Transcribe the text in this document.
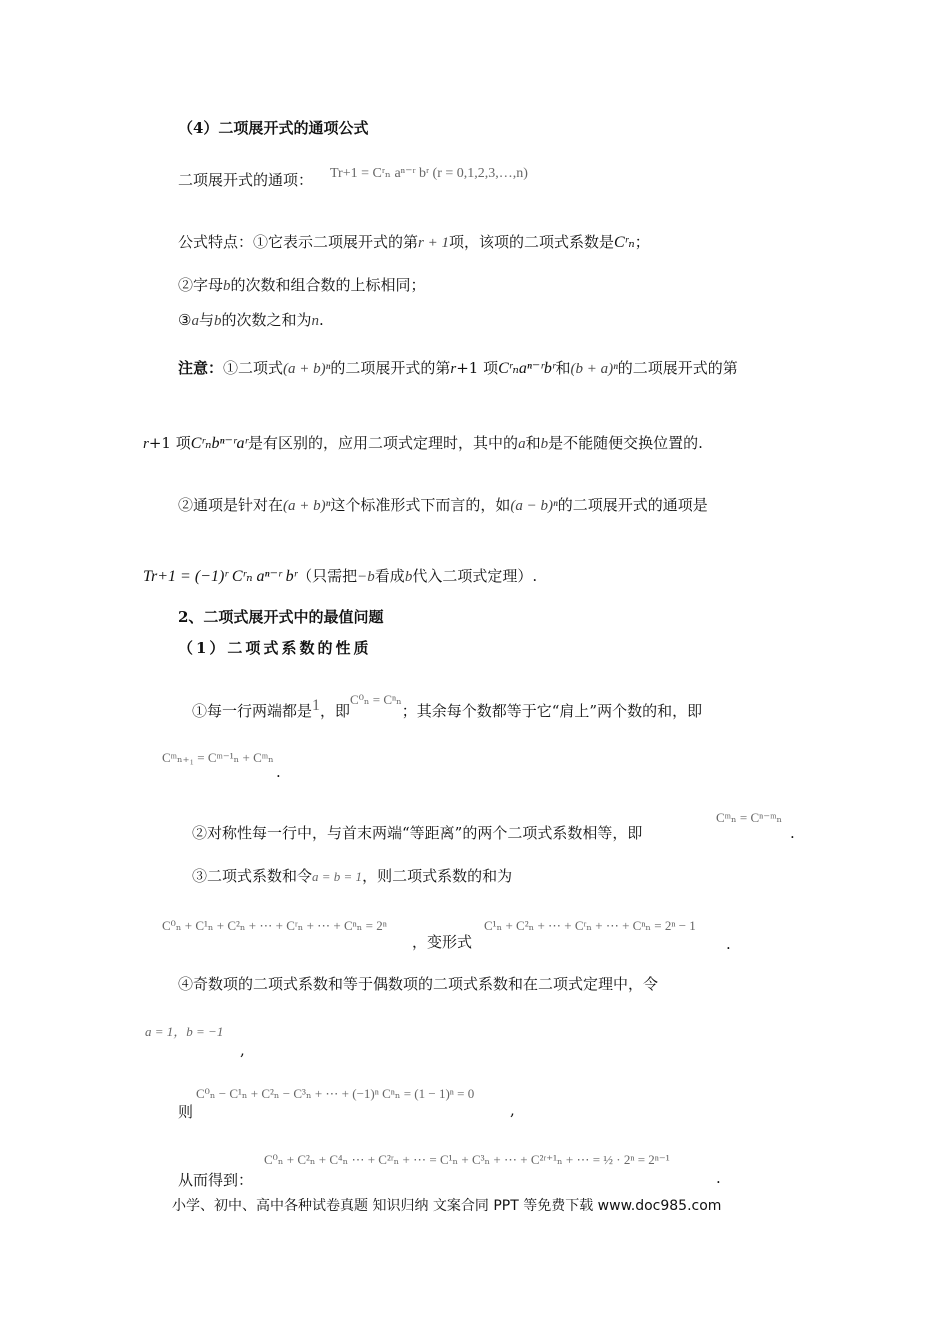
（4）二项展开式的通项公式
二项展开式的通项： Tr+1 = Cʳₙ aⁿ⁻ʳ bʳ (r = 0,1,2,3,…,n)
公式特点：①它表示二项展开式的第r + 1项，该项的二项式系数是Cʳₙ；
②字母b的次数和组合数的上标相同；
③a与b的次数之和为n.
注意：①二项式(a + b)ⁿ的二项展开式的第r+1 项Cʳₙaⁿ⁻ʳbʳ和(b + a)ⁿ的二项展开式的第
r+1 项Cʳₙbⁿ⁻ʳaʳ是有区别的，应用二项式定理时，其中的a和b是不能随便交换位置的.
②通项是针对在(a + b)ⁿ这个标准形式下而言的，如(a − b)ⁿ的二项展开式的通项是
Tr+1 = (−1)ʳ Cʳₙ aⁿ⁻ʳ bʳ（只需把−b看成b代入二项式定理）.
2、二项式展开式中的最值问题
（1）二项式系数的性质
①每一行两端都是1，即C⁰ₙ = Cⁿₙ；其余每个数都等于它“肩上”两个数的和，即
Cᵐₙ₊₁ = Cᵐ⁻¹ₙ + Cᵐₙ
.
②对称性每一行中，与首末两端“等距离”的两个二项式系数相等，即
Cᵐₙ = Cⁿ⁻ᵐₙ
.
③二项式系数和令a = b = 1，则二项式系数的和为
C⁰ₙ + C¹ₙ + C²ₙ + ⋯ + Cʳₙ + ⋯ + Cⁿₙ = 2ⁿ
，变形式
C¹ₙ + C²ₙ + ⋯ + Cʳₙ + ⋯ + Cⁿₙ = 2ⁿ − 1
.
④奇数项的二项式系数和等于偶数项的二项式系数和在二项式定理中，令
a = 1，b = −1
,
则
C⁰ₙ − C¹ₙ + C²ₙ − C³ₙ + ⋯ + (−1)ⁿ Cⁿₙ = (1 − 1)ⁿ = 0
,
从而得到：
C⁰ₙ + C²ₙ + C⁴ₙ ⋯ + C²ʳₙ + ⋯ = C¹ₙ + C³ₙ + ⋯ + C²ʳ⁺¹ₙ + ⋯ = ½ · 2ⁿ = 2ⁿ⁻¹
.
小学、初中、高中各种试卷真题 知识归纳 文案合同 PPT 等免费下载 www.doc985.com
